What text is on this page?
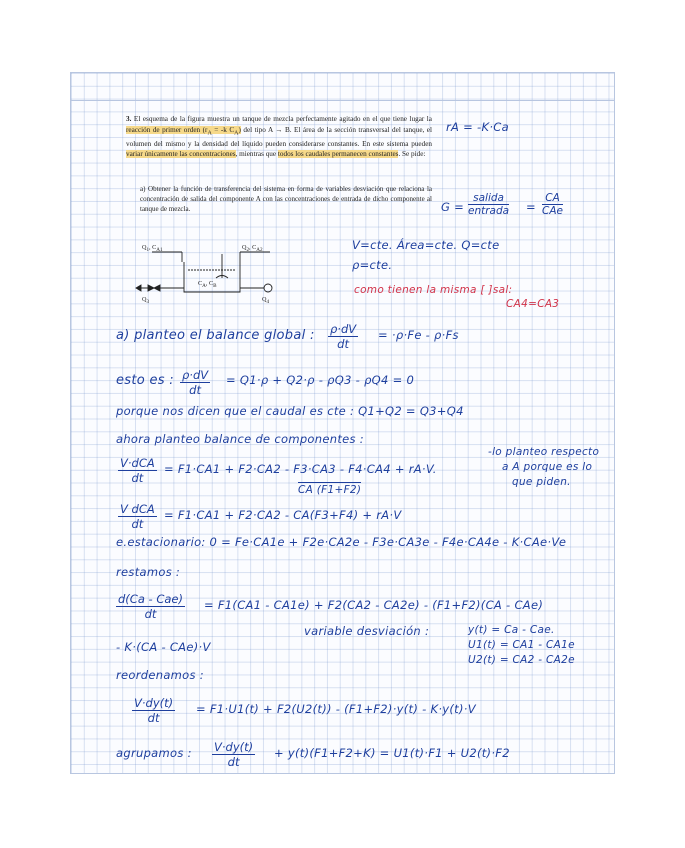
3. El esquema de la figura muestra un tanque de mezcla perfectamente agitado en el que tiene lugar la reacción de primer orden ($r_A = -k$ $C_A$) del tipo A → B. El área de la sección transversal del tanque, el volumen del mismo y la densidad del líquido pueden considerarse constantes. En este sistema pueden variar únicamente las concentraciones, mientras que todos los caudales permanecen constantes. Se pide:
a) Obtener la función de transferencia del sistema en forma de variables desviación que relaciona la concentración de salida del componente A con las concentraciones de entrada de dicho componente al tanque de mezcla.
$Q_1$, $C_{A1}$	$Q_2$, $C_{A2}$
$C_A$, $C_B$
$Q_3$	$Q_4$
rA = -K·Ca
G =
salida
entrada =
CA
CAe
V=cte. Área=cte. Q=cte
ρ=cte.
como tienen la misma [ ]sal:
CA4=CA3
a) planteo el balance global : $\frac{\rho\cdot dV}{dt} = \cdot\rho\cdot Fe - \rho\cdot Fs$
esto es : $\frac{\rho\cdot dV}{dt} = Q1\cdot\rho + Q2\cdot\rho - \rho Q3 - \rho Q4 = 0$
porque nos dicen que el caudal es cte : Q1+Q2 = Q3+Q4
ahora planteo balance de componentes :
-lo planteo respecto
a A porque es lo
que piden.
V·dCA
dt
= F1·CA1 + F2·CA2 - F3·CA3 - F4·CA4 + rA·V.
CA (F1+F2)
V dCA
dt
= F1·CA1 + F2·CA2 - CA(F3+F4) + rA·V
e.estacionario: 0 = Fe·CA1e + F2e·CA2e - F3e·CA3e - F4e·CA4e - K·CAe·Ve
restamos :
d(Ca - Cae)
dt
= F1(CA1 - CA1e) + F2(CA2 - CA2e) - (F1+F2)(CA - CAe)
variable desviación :
- K·(CA - CAe)·V
y(t) = Ca - Cae.
U1(t) = CA1 - CA1e
U2(t) = CA2 - CA2e
reordenamos :
$\frac{V\cdot dy(t)}{dt} = F1\cdot U1(t) + F2(U2(t)) - (F1+F2)\cdot y(t) - K\cdot y(t)\cdot V$
agrupamos : $\frac{V\cdot dy(t)}{dt} + y(t)(F1+F2+K) = U1(t)\cdot F1 + U2(t)\cdot F2$
